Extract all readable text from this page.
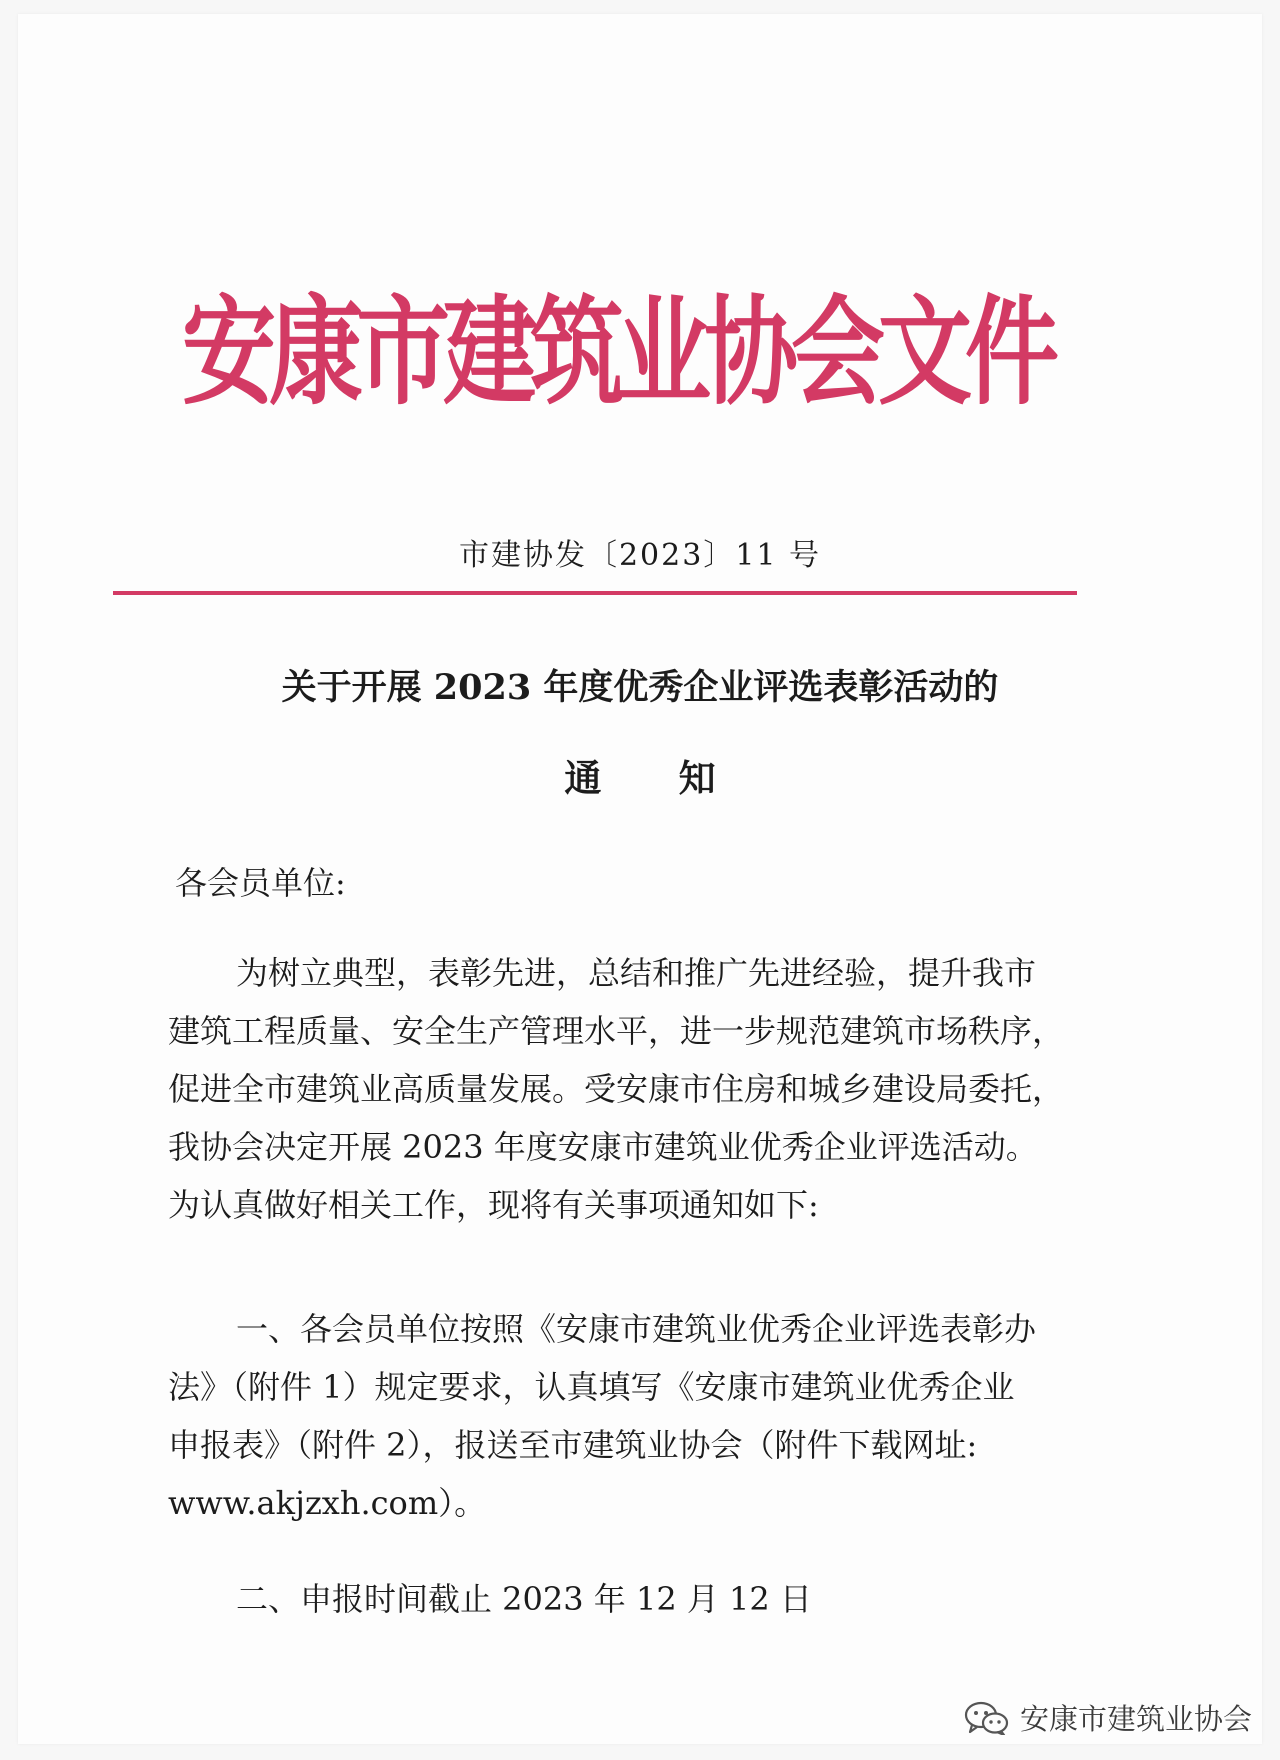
安康市建筑业协会文件
市建协发〔2023〕11 号
关于开展 2023 年度优秀企业评选表彰活动的
通      知
各会员单位:
为树立典型，表彰先进，总结和推广先进经验，提升我市
建筑工程质量、安全生产管理水平，进一步规范建筑市场秩序，
促进全市建筑业高质量发展。受安康市住房和城乡建设局委托，
我协会决定开展 2023 年度安康市建筑业优秀企业评选活动。
为认真做好相关工作，现将有关事项通知如下:
一、各会员单位按照《安康市建筑业优秀企业评选表彰办
法》（附件 1）规定要求，认真填写《安康市建筑业优秀企业
申报表》（附件 2），报送至市建筑业协会（附件下载网址:
www.akjzxh.com）。
二、申报时间截止 2023 年 12 月 12 日
安康市建筑业协会
